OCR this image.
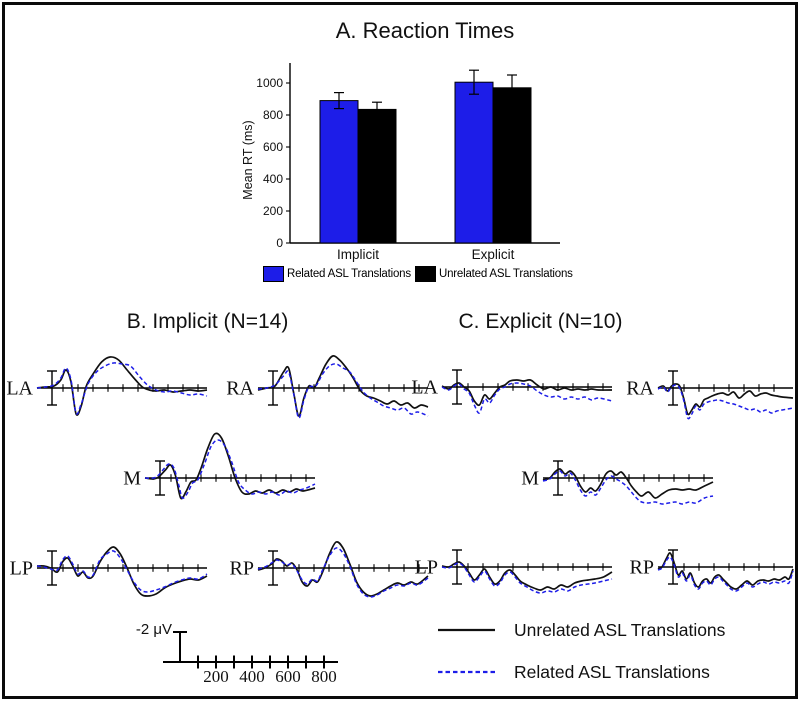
A. Reaction Times
0
200
400
600
800
1000
Mean RT (ms)
Implicit	Explicit
Related ASL Translations Unrelated ASL Translations
B. Implicit (N=14)	C. Explicit (N=10)
-2 μV
200 400 600 800
Unrelated ASL Translations
Related ASL Translations
LA	RA
M
LP	RP
LA	RA
M
LP	RP
